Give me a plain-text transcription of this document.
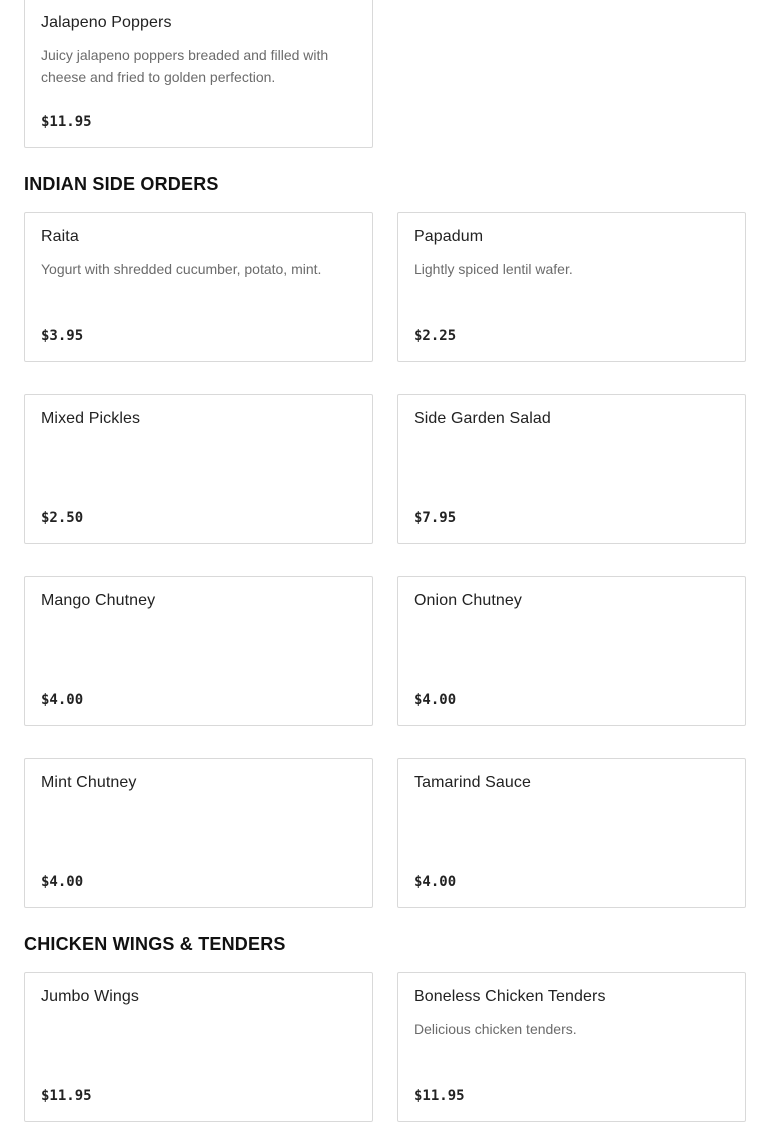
Jalapeno Poppers
Juicy jalapeno poppers breaded and filled with cheese and fried to golden perfection.
$11.95
INDIAN SIDE ORDERS
Raita
Yogurt with shredded cucumber, potato, mint.
$3.95
Papadum
Lightly spiced lentil wafer.
$2.25
Mixed Pickles
$2.50
Side Garden Salad
$7.95
Mango Chutney
$4.00
Onion Chutney
$4.00
Mint Chutney
$4.00
Tamarind Sauce
$4.00
CHICKEN WINGS & TENDERS
Jumbo Wings
$11.95
Boneless Chicken Tenders
Delicious chicken tenders.
$11.95
